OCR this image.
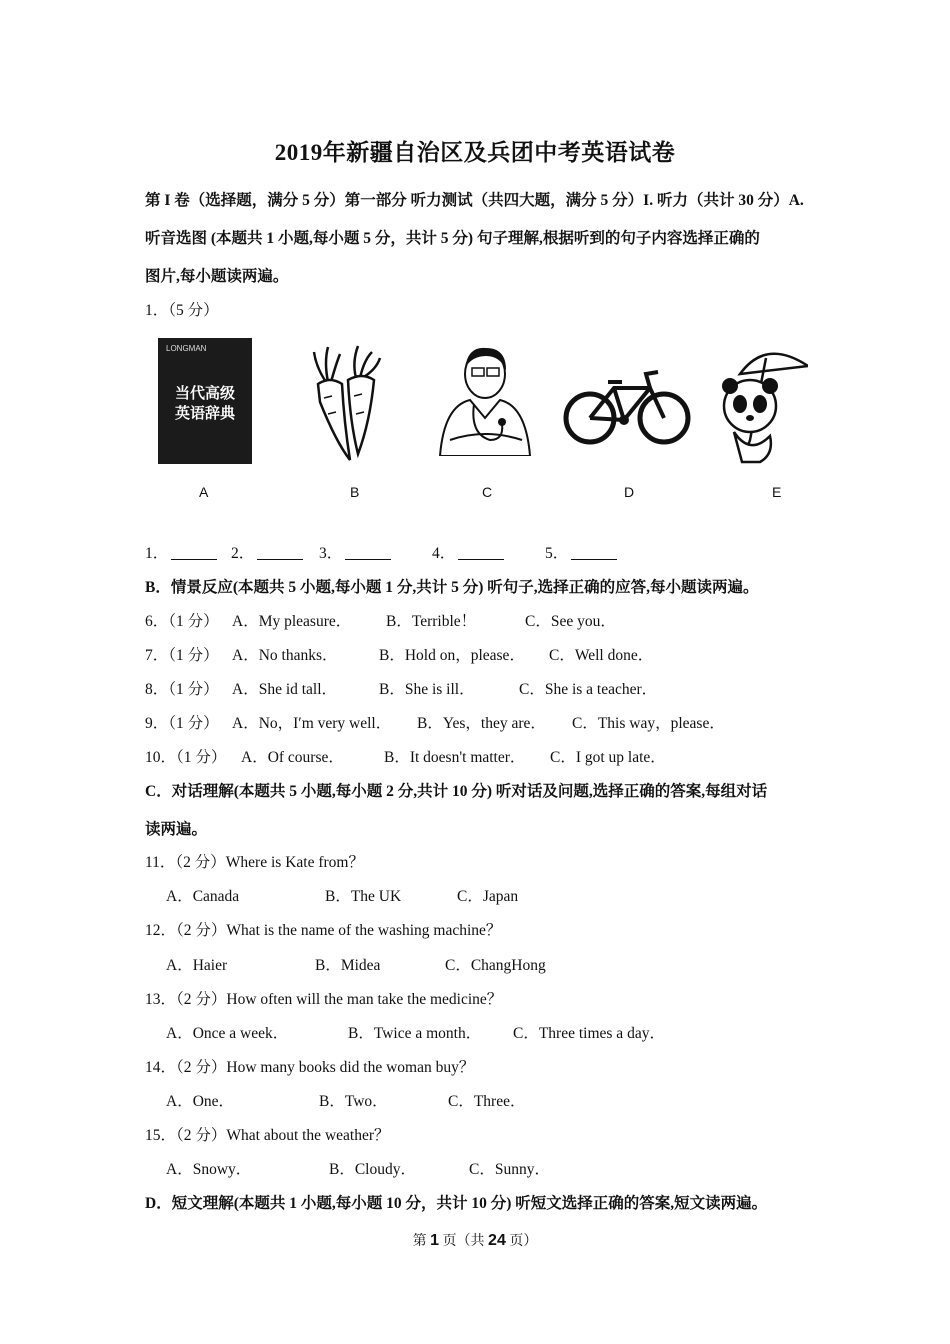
2019年新疆自治区及兵团中考英语试卷
第 I 卷（选择题，满分 5 分）第一部分 听力测试（共四大题，满分 5 分）I. 听力（共计 30 分）A.
听音选图 (本题共 1 小题,每小题 5 分，共计 5 分) 句子理解,根据听到的句子内容选择正确的
图片,每小题读两遍。
1．（5 分）
LONGMAN
当代高级
英语辞典
A	B	C	D	E
1．	2．	3．	4．	5．
B．情景反应(本题共 5 小题,每小题 1 分,共计 5 分) 听句子,选择正确的应答,每小题读两遍。
6．（1 分） A．My pleasure． B．Terrible！	C．See you．
7．（1 分） A．No thanks．	B．Hold on，please． C．Well done．
8．（1 分） A．She id tall．	B．She is ill．	C．She is a teacher．
9．（1 分） A．No，I′m very well． B．Yes，they are． C．This way，please．
10．（1 分） A．Of course．	B．It doesn't matter． C．I got up late．
C．对话理解(本题共 5 小题,每小题 2 分,共计 10 分) 听对话及问题,选择正确的答案,每组对话
读两遍。
11．（2 分）Where is Kate from？
A．Canada	B．The UK	C．Japan
12．（2 分）What is the name of the washing machine？
A．Haier	B．Midea	C．ChangHong
13．（2 分）How often will the man take the medicine？
A．Once a week．	B．Twice a month． C．Three times a day．
14．（2 分）How many books did the woman buy？
A．One．	B．Two．	C．Three．
15．（2 分）What about the weather？
A．Snowy．	B．Cloudy．	C．Sunny．
D．短文理解(本题共 1 小题,每小题 10 分，共计 10 分) 听短文选择正确的答案,短文读两遍。
第 1 页（共 24 页）
